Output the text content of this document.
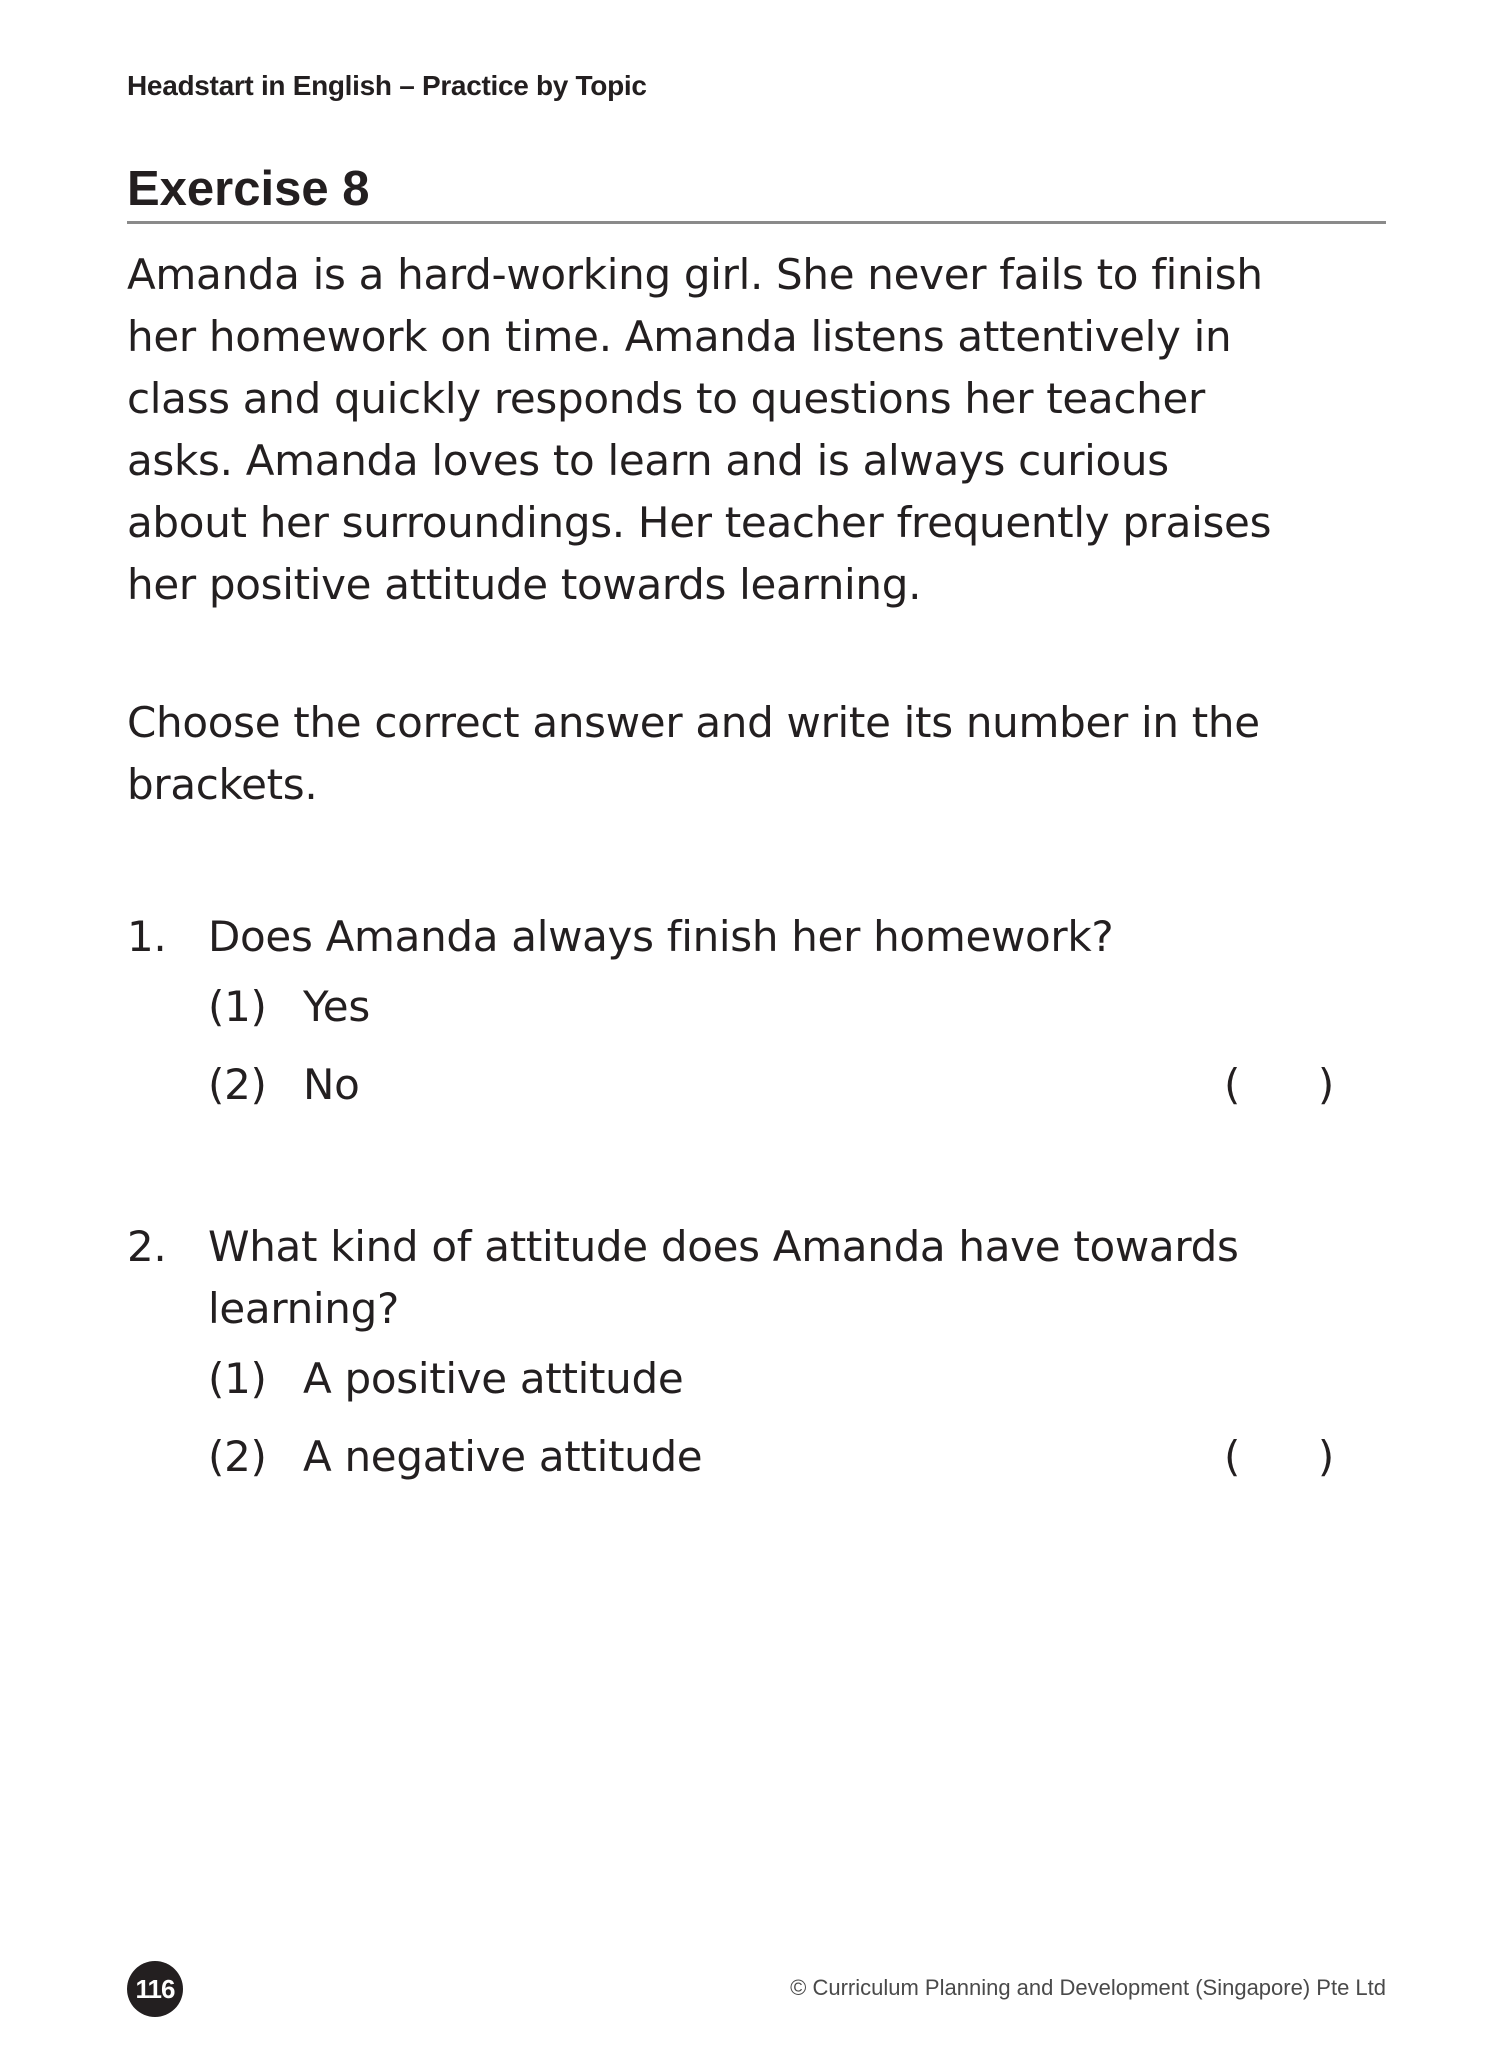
Headstart in English – Practice by Topic
Exercise 8
Amanda is a hard-working girl. She never fails to finish
her homework on time. Amanda listens attentively in
class and quickly responds to questions her teacher
asks. Amanda loves to learn and is always curious
about her surroundings. Her teacher frequently praises
her positive attitude towards learning.
Choose the correct answer and write its number in the
brackets.
1. Does Amanda always finish her homework?
(1) Yes
(2) No	( )
2. What kind of attitude does Amanda have towards
learning?
(1) A positive attitude
(2) A negative attitude	( )
116	© Curriculum Planning and Development (Singapore) Pte Ltd
